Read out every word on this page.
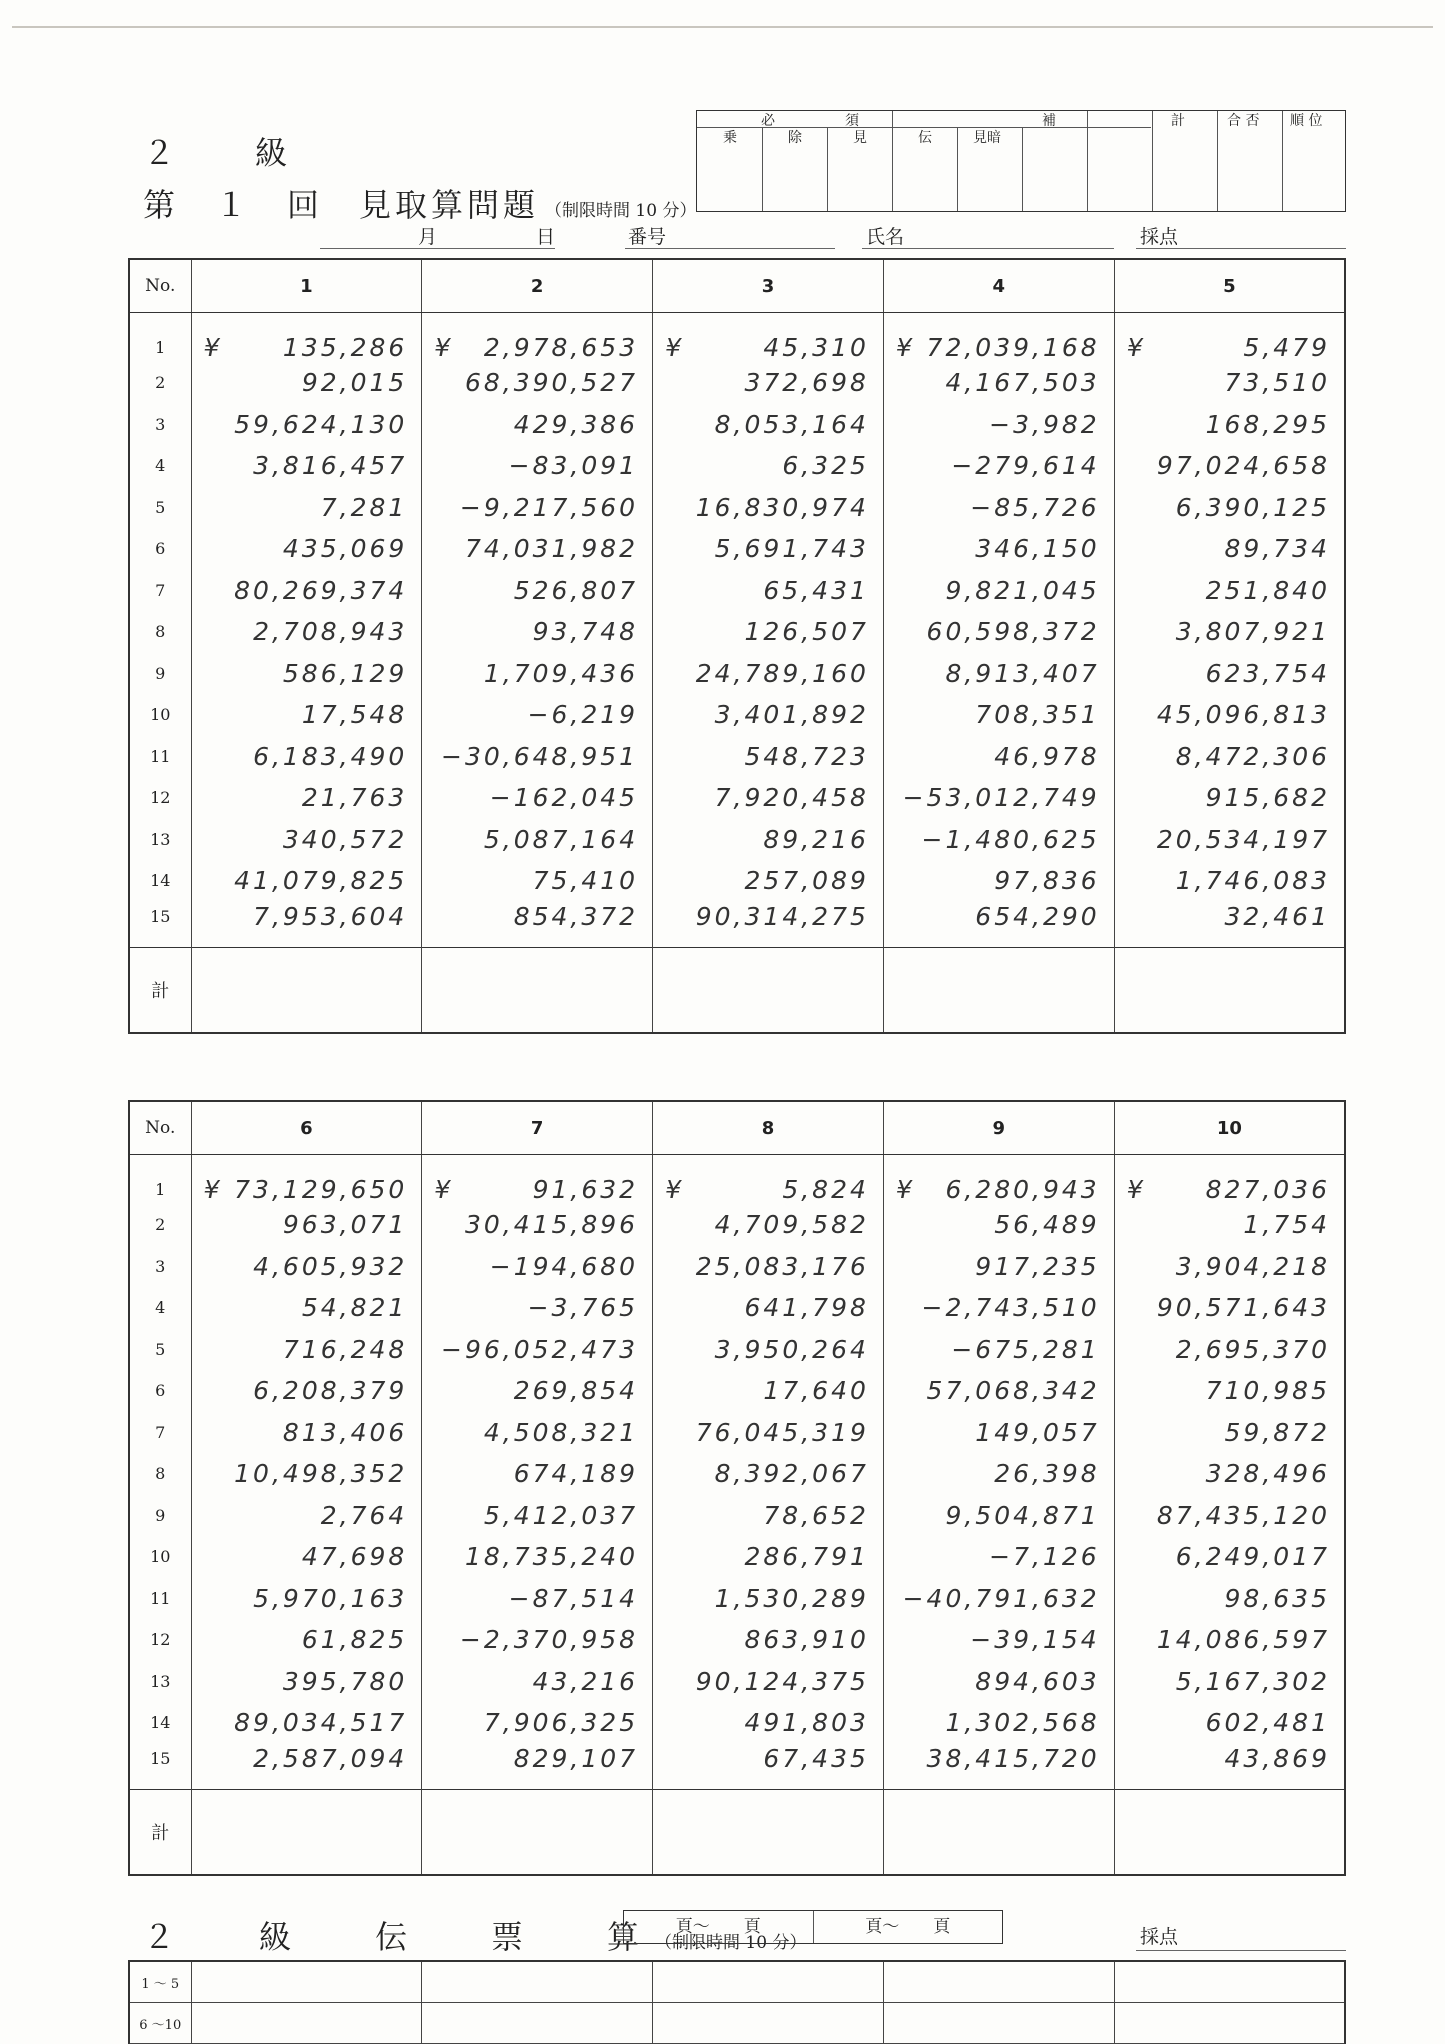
２　級
第　１　回　見取算問題 （制限時間 10 分）
必　　　　　須	補	計	合 否 順 位
乗	除	見	伝	見暗
月	日	番号	氏名	採点
No.	1	2	3	4	5
1	¥ 135,286	¥ 2,978,653	¥ 45,310	¥ 72,039,168	¥ 5,479
2	92,015	68,390,527	372,698	4,167,503	73,510
3	59,624,130	429,386	8,053,164	−3,982	168,295
4	3,816,457	−83,091	6,325	−279,614	97,024,658
5	7,281	−9,217,560	16,830,974	−85,726	6,390,125
6	435,069	74,031,982	5,691,743	346,150	89,734
7	80,269,374	526,807	65,431	9,821,045	251,840
8	2,708,943	93,748	126,507	60,598,372	3,807,921
9	586,129	1,709,436	24,789,160	8,913,407	623,754
10	17,548	−6,219	3,401,892	708,351	45,096,813
11	6,183,490	−30,648,951	548,723	46,978	8,472,306
12	21,763	−162,045	7,920,458	−53,012,749	915,682
13	340,572	5,087,164	89,216	−1,480,625	20,534,197
14	41,079,825	75,410	257,089	97,836	1,746,083
15	7,953,604	854,372	90,314,275	654,290	32,461
計					
No.	6	7	8	9	10
1	¥ 73,129,650	¥ 91,632	¥ 5,824	¥ 6,280,943	¥ 827,036
2	963,071	30,415,896	4,709,582	56,489	1,754
3	4,605,932	−194,680	25,083,176	917,235	3,904,218
4	54,821	−3,765	641,798	−2,743,510	90,571,643
5	716,248	−96,052,473	3,950,264	−675,281	2,695,370
6	6,208,379	269,854	17,640	57,068,342	710,985
7	813,406	4,508,321	76,045,319	149,057	59,872
8	10,498,352	674,189	8,392,067	26,398	328,496
9	2,764	5,412,037	78,652	9,504,871	87,435,120
10	47,698	18,735,240	286,791	−7,126	6,249,017
11	5,970,163	−87,514	1,530,289	−40,791,632	98,635
12	61,825	−2,370,958	863,910	−39,154	14,086,597
13	395,780	43,216	90,124,375	894,603	5,167,302
14	89,034,517	7,906,325	491,803	1,302,568	602,481
15	2,587,094	829,107	67,435	38,415,720	43,869
計					
２　級　伝　票　算（制限時間 10 分）
頁～　　頁	頁～　　頁	採点
1 ～ 5					
6 ～10					
